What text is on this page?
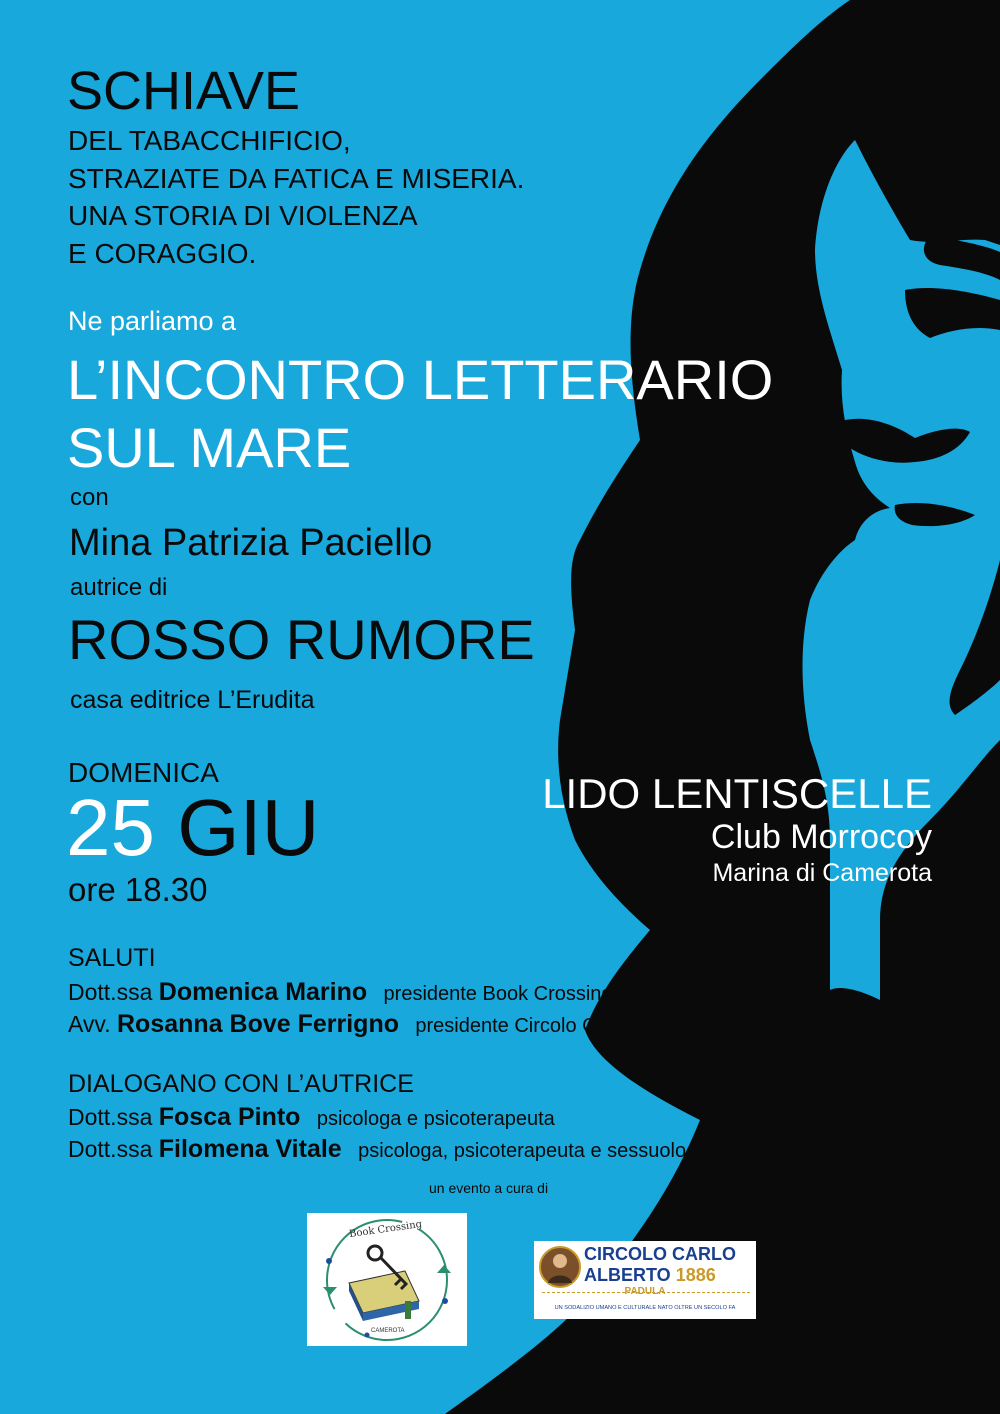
SCHIAVE
DEL TABACCHIFICIO,
STRAZIATE DA FATICA E MISERIA.
UNA STORIA DI VIOLENZA
E CORAGGIO.
Ne parliamo a
L’INCONTRO LETTERARIO
SUL MARE
con
Mina Patrizia Paciello
autrice di
ROSSO RUMORE
casa editrice L’Erudita
DOMENICA
25 GIU
ore 18.30
LIDO LENTISCELLE
Club Morrocoy
Marina di Camerota
SALUTI
Dott.ssa Domenica Marino presidente Book Crossing Camerota
Avv. Rosanna Bove Ferrigno presidente Circolo Carlo Alberto 1886
DIALOGANO CON L’AUTRICE
Dott.ssa Fosca Pinto psicologa e psicoterapeuta
Dott.ssa Filomena Vitale psicologa, psicoterapeuta e sessuologa clinica
un evento a cura di
Book Crossing
CAMEROTA
CIRCOLO CARLO
ALBERTO 1886
PADULA
UN SODALIZIO UMANO E CULTURALE NATO OLTRE UN SECOLO FA
